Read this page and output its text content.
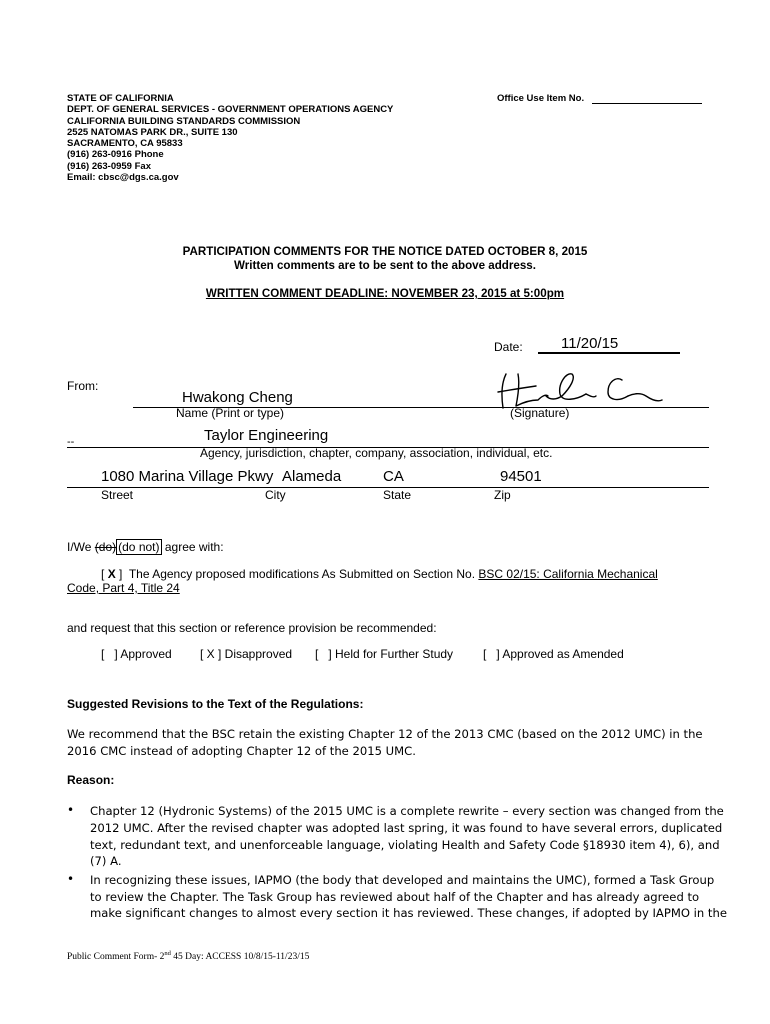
STATE OF CALIFORNIA
DEPT. OF GENERAL SERVICES - GOVERNMENT OPERATIONS AGENCY
CALIFORNIA BUILDING STANDARDS COMMISSION
2525 NATOMAS PARK DR., SUITE 130
SACRAMENTO, CA 95833
(916) 263-0916 Phone
(916) 263-0959 Fax
Email: cbsc@dgs.ca.gov
Office Use Item No.
PARTICIPATION COMMENTS FOR THE NOTICE DATED OCTOBER 8, 2015
Written comments are to be sent to the above address.
WRITTEN COMMENT DEADLINE: NOVEMBER 23, 2015 at 5:00pm
Date:	11/20/15
From:
Hwakong Cheng
Name (Print or type)	(Signature)
--	Taylor Engineering
Agency, jurisdiction, chapter, company, association, individual, etc.
1080 Marina Village Pkwy Alameda	CA	94501
Street	City	State	Zip
I/We (do) (do not) agree with:
[ X ] The Agency proposed modifications As Submitted on Section No. BSC 02/15: California Mechanical
Code, Part 4, Title 24
and request that this section or reference provision be recommended:
[   ] Approved [ X ] Disapproved [   ] Held for Further Study [   ] Approved as Amended
Suggested Revisions to the Text of the Regulations:
We recommend that the BSC retain the existing Chapter 12 of the 2013 CMC (based on the 2012 UMC) in the
2016 CMC instead of adopting Chapter 12 of the 2015 UMC.
Reason:
• Chapter 12 (Hydronic Systems) of the 2015 UMC is a complete rewrite – every section was changed from the
2012 UMC. After the revised chapter was adopted last spring, it was found to have several errors, duplicated
text, redundant text, and unenforceable language, violating Health and Safety Code §18930 item 4), 6), and
(7) A.
• In recognizing these issues, IAPMO (the body that developed and maintains the UMC), formed a Task Group
to review the Chapter. The Task Group has reviewed about half of the Chapter and has already agreed to
make significant changes to almost every section it has reviewed. These changes, if adopted by IAPMO in the
Public Comment Form- 2nd 45 Day: ACCESS 10/8/15-11/23/15
